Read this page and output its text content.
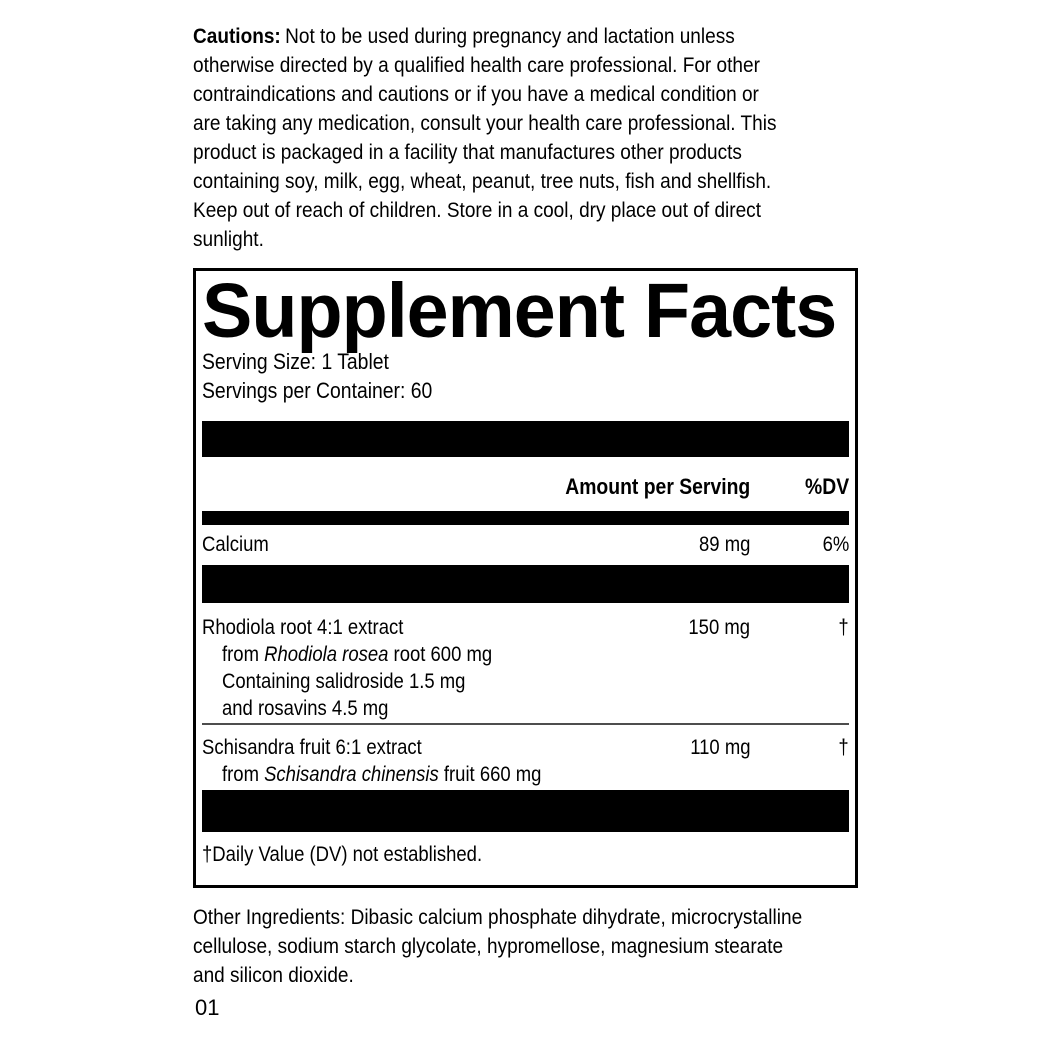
Cautions: Not to be used during pregnancy and lactation unless
otherwise directed by a qualified health care professional. For other
contraindications and cautions or if you have a medical condition or
are taking any medication, consult your health care professional. This
product is packaged in a facility that manufactures other products
containing soy, milk, egg, wheat, peanut, tree nuts, fish and shellfish.
Keep out of reach of children. Store in a cool, dry place out of direct
sunlight.
Supplement Facts
Serving Size: 1 Tablet
Servings per Container: 60
Amount per Serving	%DV
Calcium	89 mg	6%
Rhodiola root 4:1 extract	150 mg	†
from Rhodiola rosea root 600 mg
Containing salidroside 1.5 mg
and rosavins 4.5 mg
Schisandra fruit 6:1 extract	110 mg	†
from Schisandra chinensis fruit 660 mg
†Daily Value (DV) not established.
Other Ingredients: Dibasic calcium phosphate dihydrate, microcrystalline
cellulose, sodium starch glycolate, hypromellose, magnesium stearate
and silicon dioxide.
01
